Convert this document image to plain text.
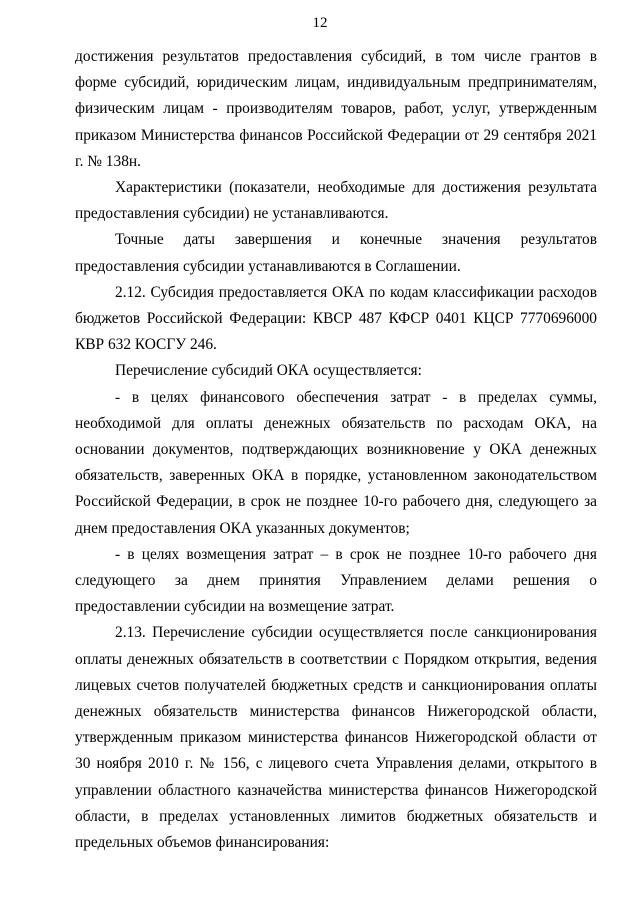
12

достижения результатов предоставления субсидий, в том числе грантов в форме субсидий, юридическим лицам, индивидуальным предпринимателям, физическим лицам - производителям товаров, работ, услуг, утвержденным приказом Министерства финансов Российской Федерации от 29 сентября 2021 г. № 138н.

Характеристики (показатели, необходимые для достижения результата предоставления субсидии) не устанавливаются.

Точные даты завершения и конечные значения результатов предоставления субсидии устанавливаются в Соглашении.

2.12. Субсидия предоставляется ОКА по кодам классификации расходов бюджетов Российской Федерации: КВСР 487 КФСР 0401 КЦСР 7770696000 КВР 632 КОСГУ 246.

Перечисление субсидий ОКА осуществляется:

- в целях финансового обеспечения затрат - в пределах суммы, необходимой для оплаты денежных обязательств по расходам ОКА, на основании документов, подтверждающих возникновение у ОКА денежных обязательств, заверенных ОКА в порядке, установленном законодательством Российской Федерации, в срок не позднее 10-го рабочего дня, следующего за днем предоставления ОКА указанных документов;

- в целях возмещения затрат – в срок не позднее 10-го рабочего дня следующего за днем принятия Управлением делами решения о предоставлении субсидии на возмещение затрат.

2.13. Перечисление субсидии осуществляется после санкционирования оплаты денежных обязательств в соответствии с Порядком открытия, ведения лицевых счетов получателей бюджетных средств и санкционирования оплаты денежных обязательств министерства финансов Нижегородской области, утвержденным приказом министерства финансов Нижегородской области от 30 ноября 2010 г. № 156, с лицевого счета Управления делами, открытого в управлении областного казначейства министерства финансов Нижегородской области, в пределах установленных лимитов бюджетных обязательств и предельных объемов финансирования:
